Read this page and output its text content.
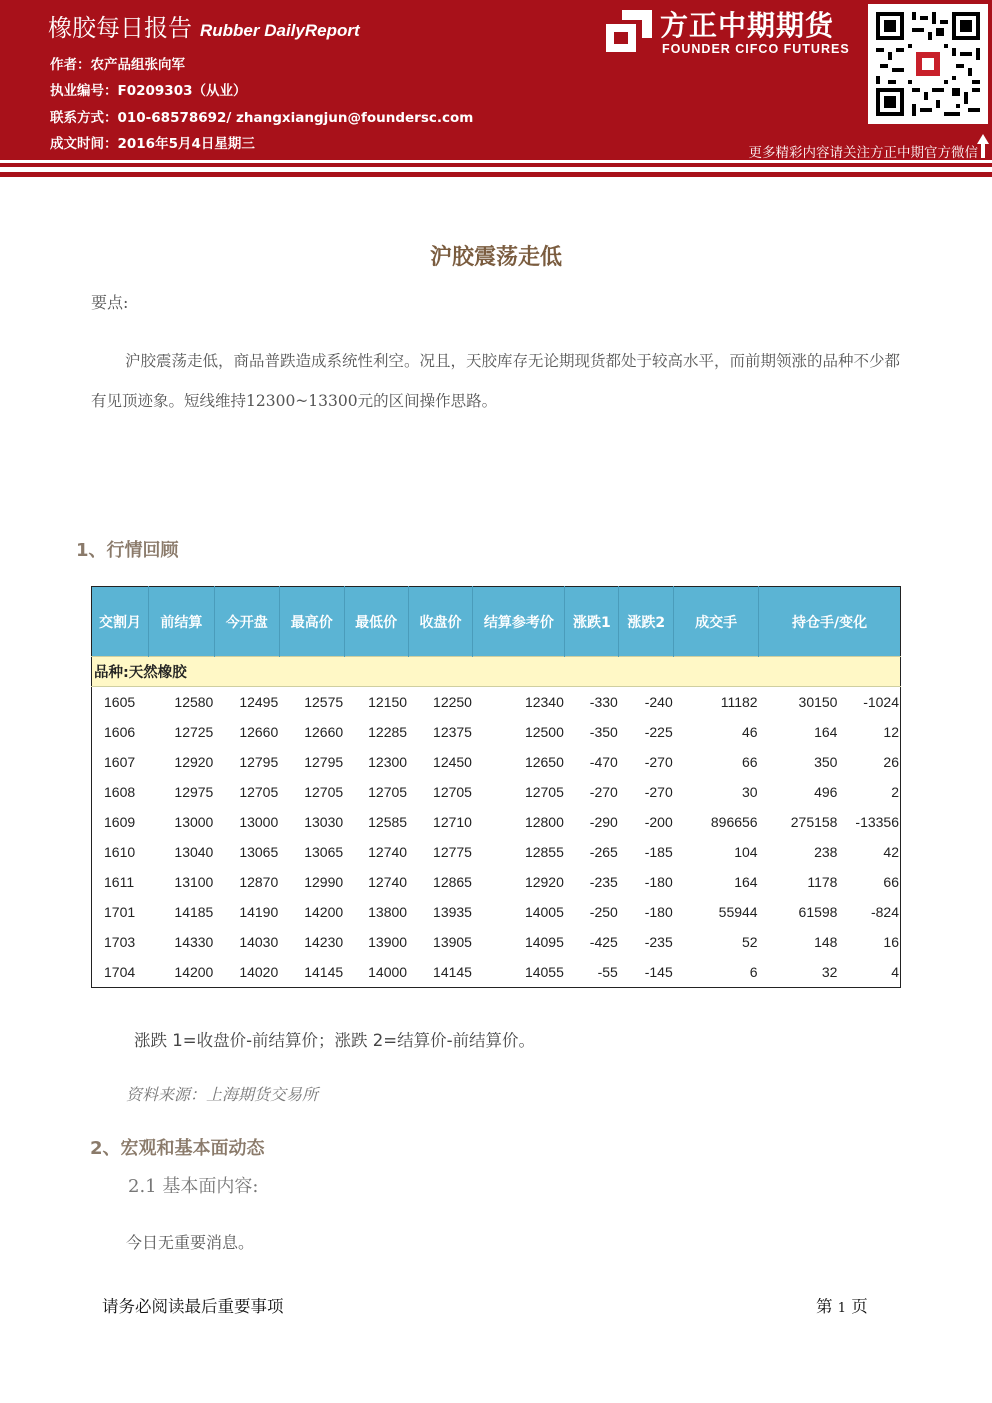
橡胶每日报告 Rubber DailyReport
作者：农产品组张向军
执业编号：F0209303（从业）
联系方式：010-68578692/ zhangxiangjun@foundersc.com
成文时间：2016年5月4日星期三
方正中期期货
FOUNDER CIFCO FUTURES
更多精彩内容请关注方正中期官方微信
沪胶震荡走低
要点:
沪胶震荡走低，商品普跌造成系统性利空。况且，天胶库存无论期现货都处于较高水平，而前期领涨的品种不少都有见顶迹象。短线维持12300~13300元的区间操作思路。
1、行情回顾
交割月	前结算	今开盘	最高价	最低价	收盘价	结算参考价	涨跌1	涨跌2	成交手	持仓手/变化	
品种:天然橡胶											
1605	12580	12495	12575	12150	12250	12340	-330	-240	11182	30150	-1024
1606	12725	12660	12660	12285	12375	12500	-350	-225	46	164	12
1607	12920	12795	12795	12300	12450	12650	-470	-270	66	350	26
1608	12975	12705	12705	12705	12705	12705	-270	-270	30	496	2
1609	13000	13000	13030	12585	12710	12800	-290	-200	896656	275158	-13356
1610	13040	13065	13065	12740	12775	12855	-265	-185	104	238	42
1611	13100	12870	12990	12740	12865	12920	-235	-180	164	1178	66
1701	14185	14190	14200	13800	13935	14005	-250	-180	55944	61598	-824
1703	14330	14030	14230	13900	13905	14095	-425	-235	52	148	16
1704	14200	14020	14145	14000	14145	14055	-55	-145	6	32	4
涨跌 1=收盘价-前结算价；涨跌 2=结算价-前结算价。
资料来源：上海期货交易所
2、宏观和基本面动态
2.1 基本面内容:
今日无重要消息。
请务必阅读最后重要事项	第 1 页
